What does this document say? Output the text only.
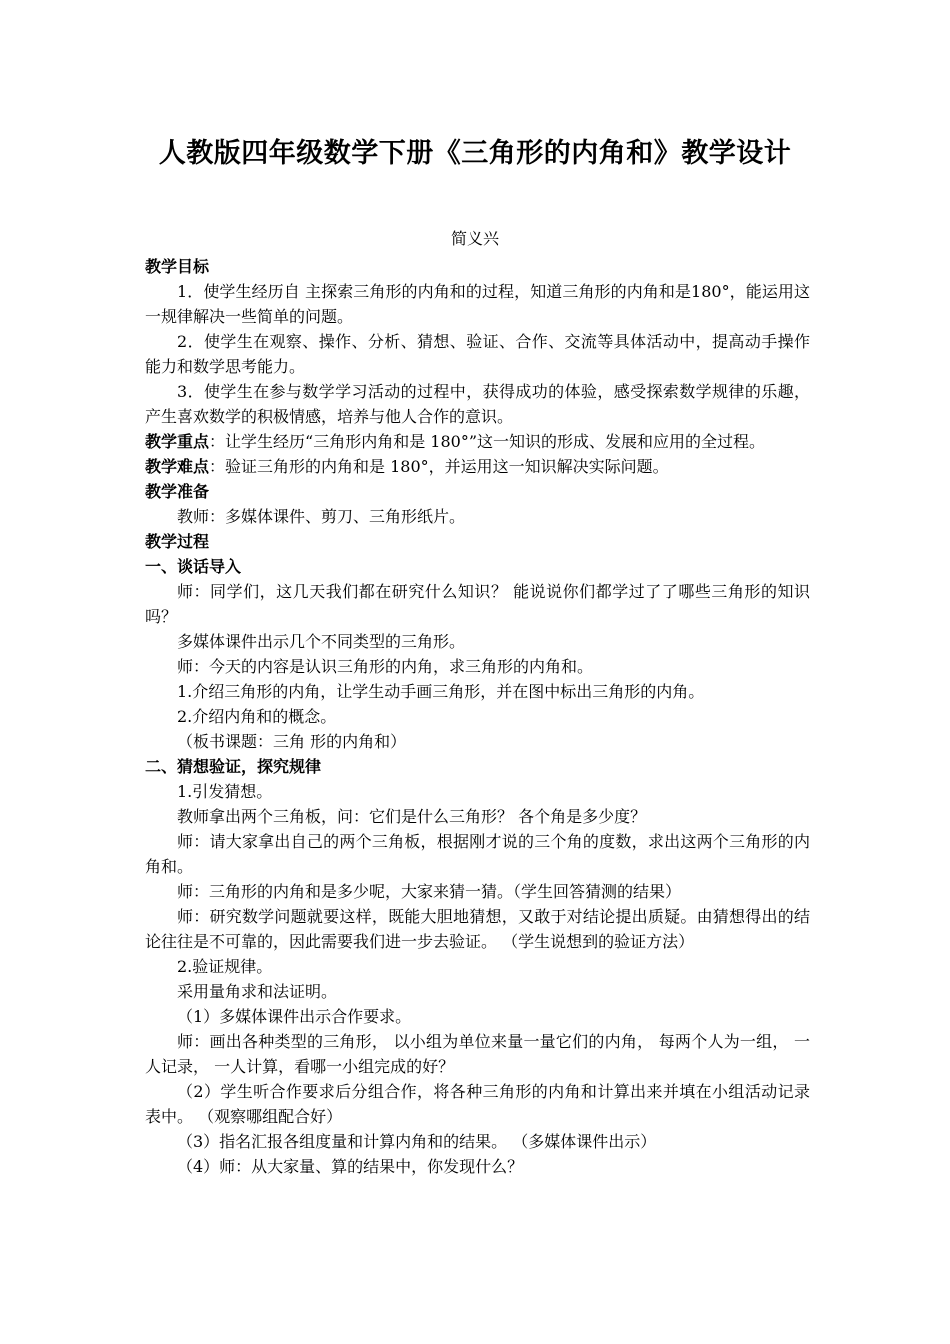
人教版四年级数学下册《三角形的内角和》教学设计
简义兴

教学目标

1．使学生经历自 主探索三角形的内角和的过程，知道三角形的内角和是180°，能运用这一规律解决一些简单的问题。

2．使学生在观察、操作、分析、猜想、验证、合作、交流等具体活动中，提高动手操作能力和数学思考能力。

3．使学生在参与数学学习活动的过程中，获得成功的体验，感受探索数学规律的乐趣，产生喜欢数学的积极情感，培养与他人合作的意识。

教学重点：让学生经历“三角形内角和是 180°”这一知识的形成、发展和应用的全过程。

教学难点：验证三角形的内角和是 180°，并运用这一知识解决实际问题。

教学准备

教师：多媒体课件、剪刀、三角形纸片。

教学过程

一、谈话导入

师：同学们，这几天我们都在研究什么知识？ 能说说你们都学过了了哪些三角形的知识吗？

多媒体课件出示几个不同类型的三角形。

师：今天的内容是认识三角形的内角，求三角形的内角和。

1.介绍三角形的内角，让学生动手画三角形，并在图中标出三角形的内角。

2.介绍内角和的概念。

（板书课题：三角 形的内角和）

二、猜想验证，探究规律

1.引发猜想。

教师拿出两个三角板，问：它们是什么三角形？ 各个角是多少度？

师：请大家拿出自己的两个三角板，根据刚才说的三个角的度数，求出这两个三角形的内角和。

师：三角形的内角和是多少呢，大家来猜一猜。（学生回答猜测的结果）

师：研究数学问题就要这样，既能大胆地猜想，又敢于对结论提出质疑。由猜想得出的结论往往是不可靠的，因此需要我们进一步去验证。 （学生说想到的验证方法）

2.验证规律。

采用量角求和法证明。

（1）多媒体课件出示合作要求。

师：画出各种类型的三角形， 以小组为单位来量一量它们的内角， 每两个人为一组， 一人记录， 一人计算，看哪一小组完成的好？

（2）学生听合作要求后分组合作，将各种三角形的内角和计算出来并填在小组活动记录表中。 （观察哪组配合好）

（3）指名汇报各组度量和计算内角和的结果。 （多媒体课件出示）

（4）师：从大家量、算的结果中，你发现什么？
